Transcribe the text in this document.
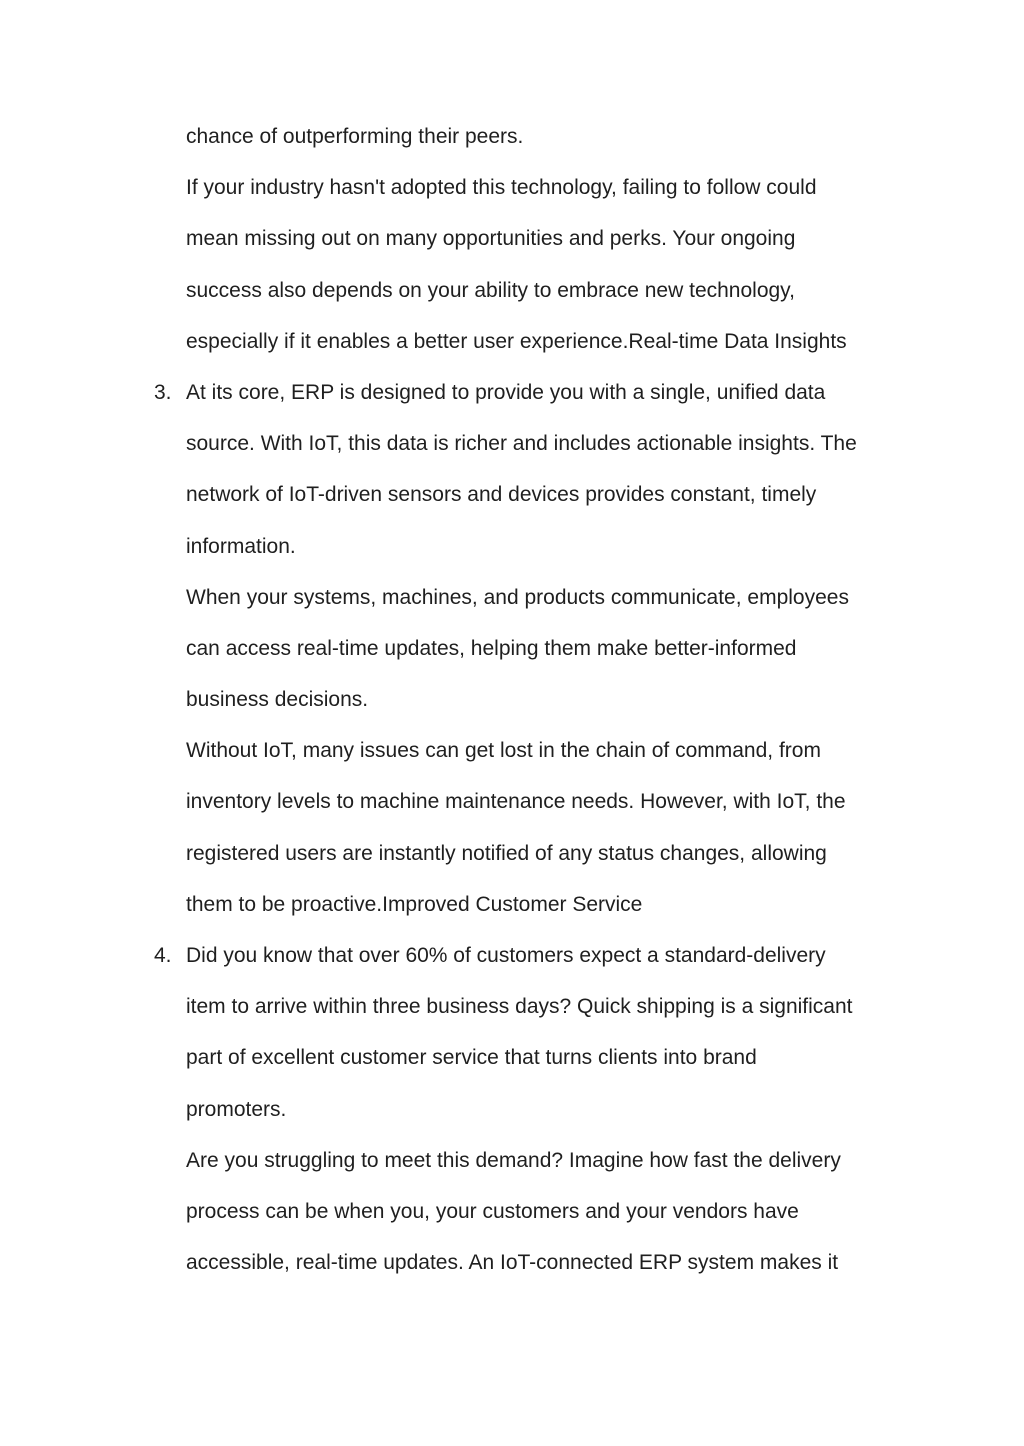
chance of outperforming their peers.
If your industry hasn't adopted this technology, failing to follow could
mean missing out on many opportunities and perks. Your ongoing
success also depends on your ability to embrace new technology,
especially if it enables a better user experience.Real-time Data Insights
3. At its core, ERP is designed to provide you with a single, unified data
source. With IoT, this data is richer and includes actionable insights. The
network of IoT-driven sensors and devices provides constant, timely
information.
When your systems, machines, and products communicate, employees
can access real-time updates, helping them make better-informed
business decisions.
Without IoT, many issues can get lost in the chain of command, from
inventory levels to machine maintenance needs. However, with IoT, the
registered users are instantly notified of any status changes, allowing
them to be proactive.Improved Customer Service
4. Did you know that over 60% of customers expect a standard-delivery
item to arrive within three business days? Quick shipping is a significant
part of excellent customer service that turns clients into brand
promoters.
Are you struggling to meet this demand? Imagine how fast the delivery
process can be when you, your customers and your vendors have
accessible, real-time updates. An IoT-connected ERP system makes it
